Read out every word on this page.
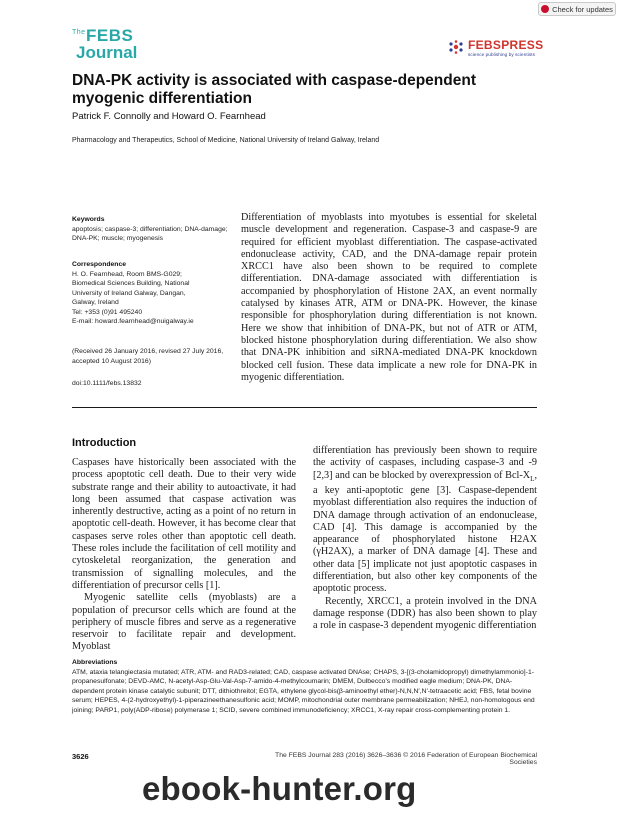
Check for updates
The FEBS
Journal	FEBSPRESS
science publishing by scientists
DNA-PK activity is associated with caspase-dependent myogenic differentiation
Patrick F. Connolly and Howard O. Fearnhead
Pharmacology and Therapeutics, School of Medicine, National University of Ireland Galway, Ireland
Keywords
apoptosis; caspase-3; differentiation; DNA-damage; DNA-PK; muscle; myogenesis
Correspondence
H. O. Fearnhead, Room BMS-G029;
Biomedical Sciences Building, National
University of Ireland Galway, Dangan,
Galway, Ireland
Tel: +353 (0)91 495240
E-mail: howard.fearnhead@nuigalway.ie
(Received 26 January 2016, revised 27 July 2016, accepted 10 August 2016)
doi:10.1111/febs.13832
Differentiation of myoblasts into myotubes is essential for skeletal muscle development and regeneration. Caspase-3 and caspase-9 are required for efficient myoblast differentiation. The caspase-activated endonuclease activity, CAD, and the DNA-damage repair protein XRCC1 have also been shown to be required to complete differentiation. DNA-damage associated with differentiation is accompanied by phosphorylation of Histone 2AX, an event normally catalysed by kinases ATR, ATM or DNA-PK. However, the kinase responsible for phosphorylation during differentiation is not known. Here we show that inhibition of DNA-PK, but not of ATR or ATM, blocked histone phosphorylation during differentiation. We also show that DNA-PK inhibition and siRNA-mediated DNA-PK knockdown blocked cell fusion. These data implicate a new role for DNA-PK in myogenic differentiation.
Introduction

Caspases have historically been associated with the process apoptotic cell death. Due to their very wide substrate range and their ability to autoactivate, it had long been assumed that caspase activation was inherently destructive, acting as a point of no return in apoptotic cell-death. However, it has become clear that caspases serve roles other than apoptotic cell death. These roles include the facilitation of cell motility and cytoskeletal reorganization, the generation and transmission of signalling molecules, and the differentiation of precursor cells [1].

Myogenic satellite cells (myoblasts) are a population of precursor cells which are found at the periphery of muscle fibres and serve as a regenerative reservoir to facilitate repair and development. Myoblast

differentiation has previously been shown to require the activity of caspases, including caspase-3 and -9 [2,3] and can be blocked by overexpression of Bcl-$X_L$, a key anti-apoptotic gene [3]. Caspase-dependent myoblast differentiation also requires the induction of DNA damage through activation of an endonuclease, CAD [4]. This damage is accompanied by the appearance of phosphorylated histone H2AX (γH2AX), a marker of DNA damage [4]. These and other data [5] implicate not just apoptotic caspases in differentiation, but also other key components of the apoptotic process.

Recently, XRCC1, a protein involved in the DNA damage response (DDR) has also been shown to play a role in caspase-3 dependent myogenic differentiation

Abbreviations
ATM, ataxia telangiectasia mutated; ATR, ATM- and RAD3-related; CAD, caspase activated DNAse; CHAPS, 3-[(3-cholamidopropyl) dimethylammonio]-1-propanesulfonate; DEVD-AMC, N-acetyl-Asp-Glu-Val-Asp-7-amido-4-methylcoumarin; DMEM, Dulbecco’s modified eagle medium; DNA-PK, DNA-dependent protein kinase catalytic subunit; DTT, dithiothreitol; EGTA, ethylene glycol-bis(β-aminoethyl ether)-N,N,N′,N′-tetraacetic acid; FBS, fetal bovine serum; HEPES, 4-(2-hydroxyethyl)-1-piperazineethanesulfonic acid; MOMP, mitochondrial outer membrane permeabilization; NHEJ, non-homologous end joining; PARP1, poly(ADP-ribose) polymerase 1; SCID, severe combined immunodeficiency; XRCC1, X-ray repair cross-complementing protein 1.
3626	The FEBS Journal 283 (2016) 3626–3636 © 2016 Federation of European Biochemical Societies
ebook-hunter.org
